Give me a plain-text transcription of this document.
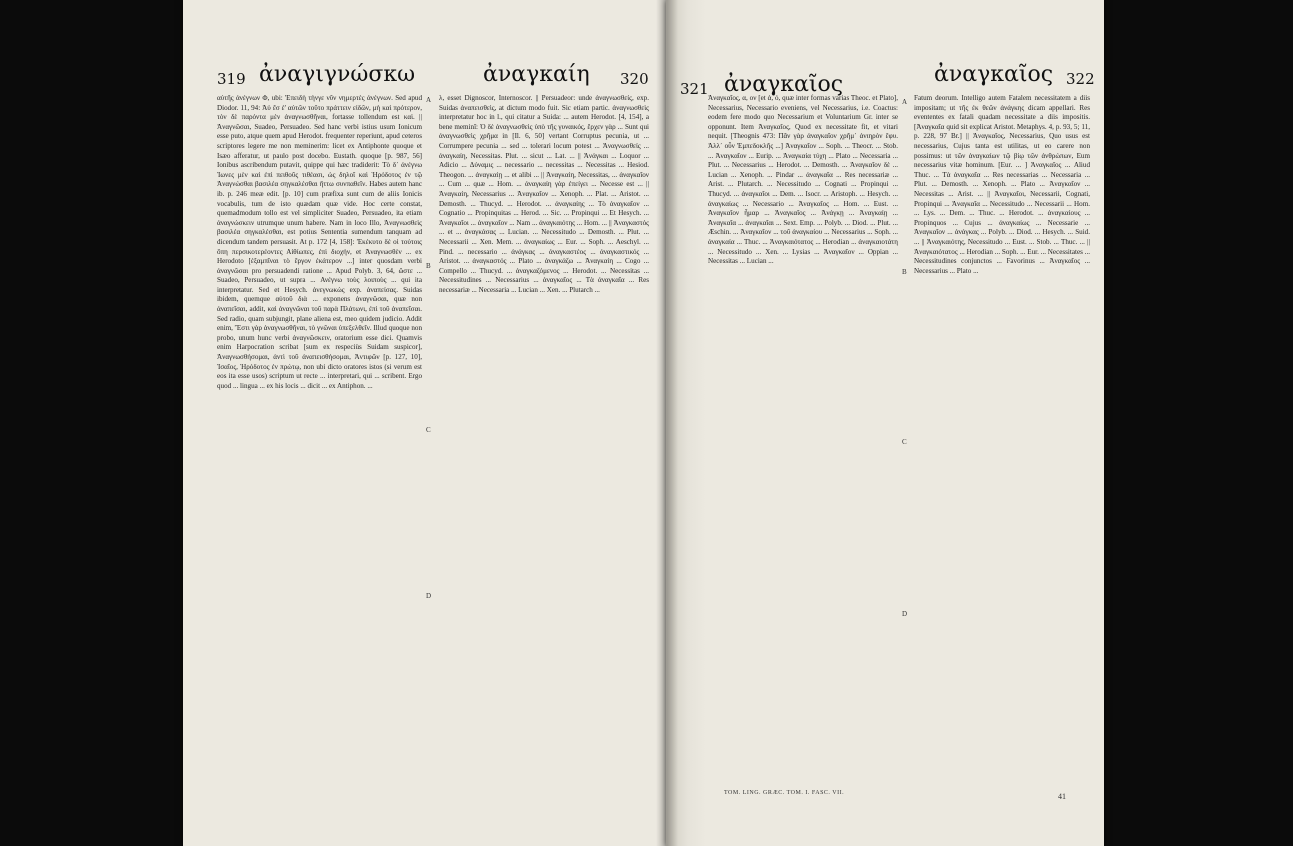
319 ἀναγιγνώσκω	ἀναγκαίη 320
αὐτῆς ἀνέγνων Φ, ubi: Ἐπειδὴ τὴνγε νῦν νημερτὲς ἀνέγνων. Sed apud Diodor. 11, 94: Ἀὐ ἔσ ἑ' αὐτῶν τοῦτο πράττειν εἰδῶν, μὴ καὶ πρότερον, τὸν δὲ παρόντα μὲν ἀναγνωσθῆναι, fortasse tollendum est καὶ. || Ἀναγνῶσαι, Suadeo, Persuadeo. Sed hanc verbi istius usum Ionicum esse puto, atque quem apud Herodot. frequenter reperiunt, apud ceteros scriptores legere me non meminerim: licet ex Antiphonte quoque et Isæo afferatur, ut paulo post docebo. Eustath. quoque [p. 987, 56] Ionibus ascribendum putavit, quippe qui hæc tradiderit: Τὸ δ᾽ ἀνέγνω Ἰωνες μὲν καὶ ἐπὶ πειθοῦς τιθέασι, ὡς δηλοῖ καὶ Ἡρόδοτος ἐν τῷ Ἀναγνώσθαι βασιλέα σηγκαλέσθαι ἥττω συνπαθεῖν. Habes autem hanc ib. p. 246 meæ edit. [p. 10] cum præfixa sunt cum de aliis Ionicis vocabulis, tum de isto quædam quæ vide. Hoc certe constat, quemadmodum tollo est vel simpliciter Suadeo, Persuadeo, ita etiam ἀναγνώσκειν utrumque unum habere. Nam in loco Illo, Ἀναγνωσθεὶς βασιλέα σηγκαλέσθαι, est potius Sententia sumendum tanquam ad dicendum tandem persuasit. At p. 172 [4, 158]: Ἐκέκυτο δὲ οἱ τούτοις ὅπη περσικοτερέοντες Αἰθίωπες, ἐπὶ διοχήν, et Ἀναγνωσθὲν ... ex Herodoto [ἐξαμπῖναι τὸ ἔργον ἑκάτερον ...] inter quosdam verbi ἀναγνῶσαι pro persuadendi ratione ... Apud Polyb. 3, 64, ὥστε ... Suadeo, Persuadeo, ut supra ... Ανέγνω τοὺς λοιποὺς ... qui ita interpretatur. Sed et Hesych. ἀνεγνωκὼς exp. ἀναπείσας. Suidas ibidem, quemque αὐτοῦ διὰ ... exponens ἀναγνῶσαι, quæ non ἀναπεῖσαι, addit, καὶ ἀναγνῶναι τοῦ παρὰ Πλάτωνι, ἐπὶ τοῦ ἀναπεῖσαι. Sed radio, quam subjungit, plane aliena est, meo quidem judicio. Addit enim, Ἔστι γὰρ ἀναγνωσθῆναι, τὸ γνῶναι ὑπεξελθεῖν. Illud quoque non probo, unum hunc verbi ἀναγνῶσκειν, oratorium esse dici. Quamvis enim Harpocration scribat [sum ex respeciùs Suidam suspicor], Ἀναγνωσθήσομαι, ἀντὶ τοῦ ἀναπεισθήσομαι, Ἀντιφῶν [p. 127, 10], Ἰσαῖος, Ἡρόδοτος ἐν πρώτῳ, non ubi dicto oratores istos (si verum est eos ita esse usos) scriptum ut recte ... interpretari, qui ... scribent. Ergo quod ... lingua ... ex his locis ... dicit ... ex Antiphon. ...
A
B
C
D
λ, esset Dignoscor, Internoscor. || Persuadeor: unde ἀναγνωσθείς, exp. Suidas ἀναπεισθεὶς, at dictum modo fuit. Sic etiam partic. ἀναγνωσθεὶς interpretatur hoc in l., qui citatur a Suida: ... autem Herodot. [4, 154], a bene meminī: Ὁ δὲ ἀναγνωσθεὶς ὑπὸ τῆς γυναικός, ἔρχεν γὰρ ... Sunt qui ἀναγνωσθεὶς χρῆμα in [Il. 6, 50] vertant Corruptus pecunia, ut ... Corrumpere pecunia ... sed ... tolerari locum potest ... Ἀναγνωσθείς ... ἀναγκαίη, Necessitas. Plut. ... sicut ... Lat. ... || Ἀνάγκαι ... Loquor ... Adicio ... Δύναμις ... necessario ... necessitas ... Necessitas ... Hesiod. Theogon. ... ἀναγκαίῃ ... et alibi ... || Ἀναγκαίη, Necessitas, ... ἀναγκαῖον ... Cum ... quæ ... Hom. ... ἀναγκαίη γὰρ ἐπείγει ... Necesse est ... || Ἀναγκαίη, Necessarius ... Ἀναγκαῖον ... Xenoph. ... Plat. ... Aristot. ... Demosth. ... Thucyd. ... Herodot. ... ἀναγκαίης ... Τὸ ἀναγκαῖον ... Cognatio ... Propinquitas ... Herod. ... Sic. ... Propinqui ... Et Hesych. ... Ἀναγκαῖοι ... ἀναγκαῖον ... Nam ... ἀναγκαιότης ... Hom. ... || Ἀναγκαστός ... et ... ἀναγκάσας ... Lucian. ... Necessitudo ... Demosth. ... Plut. ... Necessarii ... Xen. Mem. ... ἀναγκαίως ... Eur. ... Soph. ... Aeschyl. ... Pind. ... necessario ... ἀνάγκας ... ἀναγκαστέος ... ἀναγκαστικός ... Aristot. ... ἀναγκαστός ... Plato ... ἀναγκάζω ... Ἀναγκαίη ... Cogo ... Compello ... Thucyd. ... ἀναγκαζόμενος ... Herodot. ... Necessitas ... Necessitudines ... Necessarius ... ἀναγκαῖος ... Τὰ ἀναγκαῖα ... Res necessariæ ... Necessaria ... Lucian ... Xen. ... Plutarch ...
321 ἀναγκαῖος	ἀναγκαῖος 322
Ἀναγκαῖος, α, ον [et ἀ, ό, quæ inter formas varias Theoc. et Plato], Necessarius, Necessario eveniens, vel Necessarius, i.e. Coactus: eodem fere modo quo Necessarium et Voluntarium Gr. inter se opponunt. Item Ἀναγκαῖος, Quod ex necessitate fit, et vitari nequit. [Theognis 473: Πᾶν γὰρ ἀναγκαῖον χρῆμ᾽ ἀνιηρὸν ἔφυ. Ἀλλ᾽ οὖν Ἐμπεδοκλῆς ...] Ἀναγκαῖον ... Soph. ... Theocr. ... Stob. ... Ἀναγκαῖον ... Eurip. ... Ἀναγκαία τύχη ... Plato ... Necessaria ... Plut. ... Necessarius ... Herodot. ... Demosth. ... Ἀναγκαῖον δὲ ... Lucian ... Xenoph. ... Pindar ... ἀναγκαῖα ... Res necessariæ ... Arist. ... Plutarch. ... Necessitudo ... Cognati ... Propinqui ... Thucyd. ... ἀναγκαῖοι ... Dem. ... Isocr. ... Aristoph. ... Hesych. ... ἀναγκαίως ... Necessario ... Ἀναγκαῖος ... Hom. ... Eust. ... Ἀναγκαῖον ἦμαρ ... Ἀναγκαῖος ... Ἀνάγκῃ ... Ἀναγκαίῃ ... Ἀναγκαῖα ... ἀναγκαῖαι ... Sext. Emp. ... Polyb. ... Diod. ... Plut. ... Æschin. ... Ἀναγκαῖον ... τοῦ ἀναγκαίου ... Necessarius ... Soph. ... ἀναγκαία ... Thuc. ... Ἀναγκαιότατος ... Herodian ... ἀναγκαιοτάτη ... Necessitudo ... Xen. ... Lysias ... Ἀναγκαῖον ... Oppian ... Necessitas ... Lucian ...
A
B
C
D
Fatum deorum. Intelligo autem Fatalem necessitatem a diis impositam; ut τῆς ἐκ θεῶν ἀνάγκης dicam appellari. Res evententes ex fatali quadam necessitate a diis impositis. [Ἀναγκαῖα quid sit explicat Aristot. Metaphys. 4, p. 93, 5; 11, p. 228, 97 Br.] || Ἀναγκαῖος, Necessarius, Quo usus est necessarius, Cujus tanta est utilitas, ut eo carere non possimus: ut τῶν ἀναγκαίων τῷ βίῳ τῶν ἀνθρώπων, Eum necessarius vitæ hominum. [Eur. ... ] Ἀναγκαῖος ... Aliud Thuc. ... Τὰ ἀναγκαῖα ... Res necessarias ... Necessaria ... Plut. ... Demosth. ... Xenoph. ... Plato ... Ἀναγκαῖον ... Necessitas ... Arist. ... || Ἀναγκαῖοι, Necessarii, Cognati, Propinqui ... Ἀναγκαῖα ... Necessitudo ... Necessarii ... Hom. ... Lys. ... Dem. ... Thuc. ... Herodot. ... ἀναγκαίους ... Propinquos ... Cujus ... ἀναγκαίως ... Necessarie ... Ἀναγκαῖον ... ἀνάγκας ... Polyb. ... Diod. ... Hesych. ... Suid. ... || Ἀναγκαιότης, Necessitudo ... Eust. ... Stob. ... Thuc. ... || Ἀναγκαιότατος ... Herodian ... Soph. ... Eur. ... Necessitates ... Necessitudines conjunctos ... Favorinus ... Ἀναγκαῖος ... Necessarius ... Plato ...
TOM. LING. GRÆC. TOM. I. FASC. VII.	41
